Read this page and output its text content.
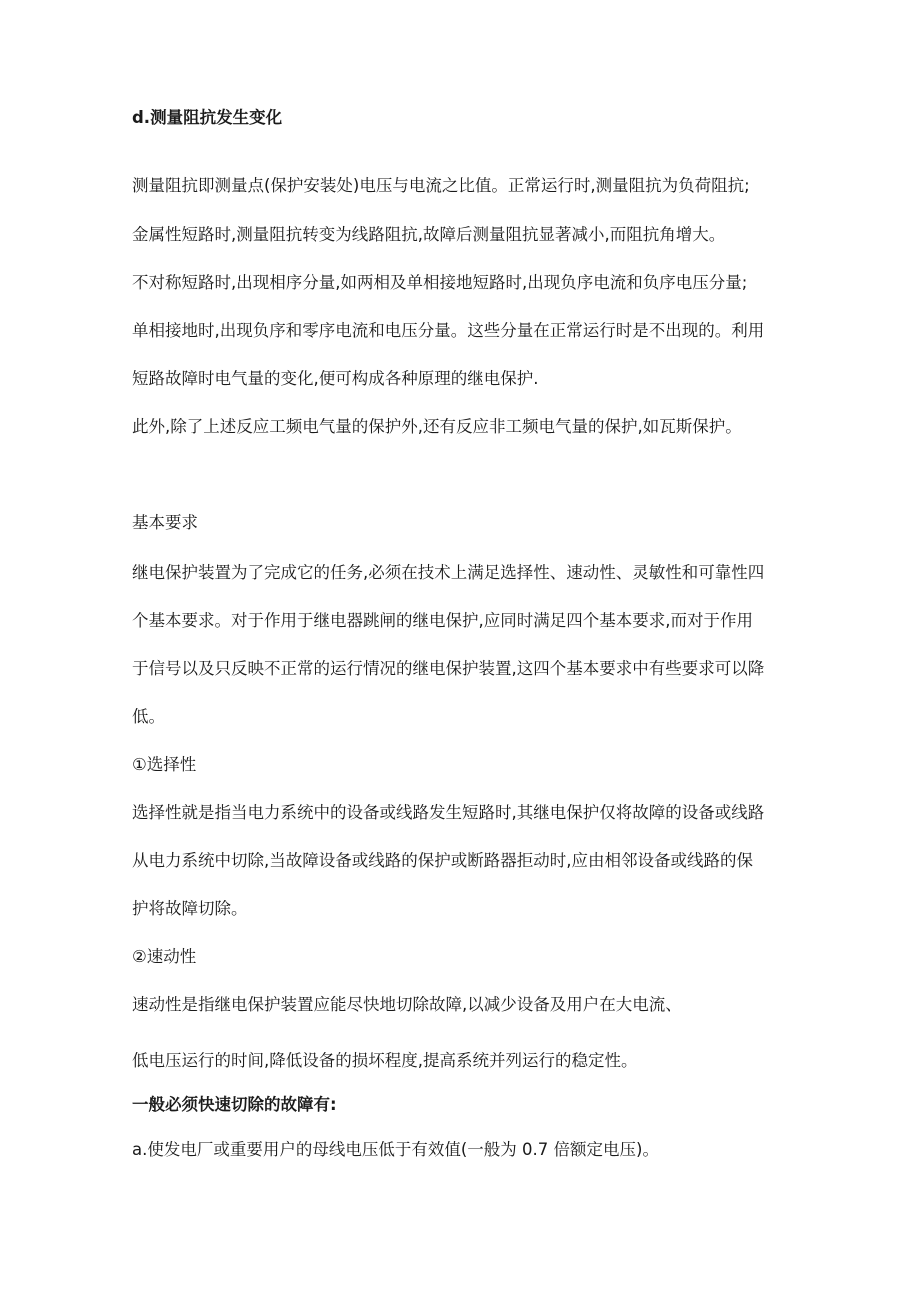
d.测量阻抗发生变化
测量阻抗即测量点(保护安装处)电压与电流之比值。正常运行时,测量阻抗为负荷阻抗;
金属性短路时,测量阻抗转变为线路阻抗,故障后测量阻抗显著减小,而阻抗角增大。
不对称短路时,出现相序分量,如两相及单相接地短路时,出现负序电流和负序电压分量;
单相接地时,出现负序和零序电流和电压分量。这些分量在正常运行时是不出现的。利用
短路故障时电气量的变化,便可构成各种原理的继电保护.
此外,除了上述反应工频电气量的保护外,还有反应非工频电气量的保护,如瓦斯保护。
基本要求
继电保护装置为了完成它的任务,必须在技术上满足选择性、速动性、灵敏性和可靠性四
个基本要求。对于作用于继电器跳闸的继电保护,应同时满足四个基本要求,而对于作用
于信号以及只反映不正常的运行情况的继电保护装置,这四个基本要求中有些要求可以降
低。
①选择性
选择性就是指当电力系统中的设备或线路发生短路时,其继电保护仅将故障的设备或线路
从电力系统中切除,当故障设备或线路的保护或断路器拒动时,应由相邻设备或线路的保
护将故障切除。
②速动性
速动性是指继电保护装置应能尽快地切除故障,以减少设备及用户在大电流、
低电压运行的时间,降低设备的损坏程度,提高系统并列运行的稳定性。
一般必须快速切除的故障有:
a.使发电厂或重要用户的母线电压低于有效值(一般为 0.7 倍额定电压)。
